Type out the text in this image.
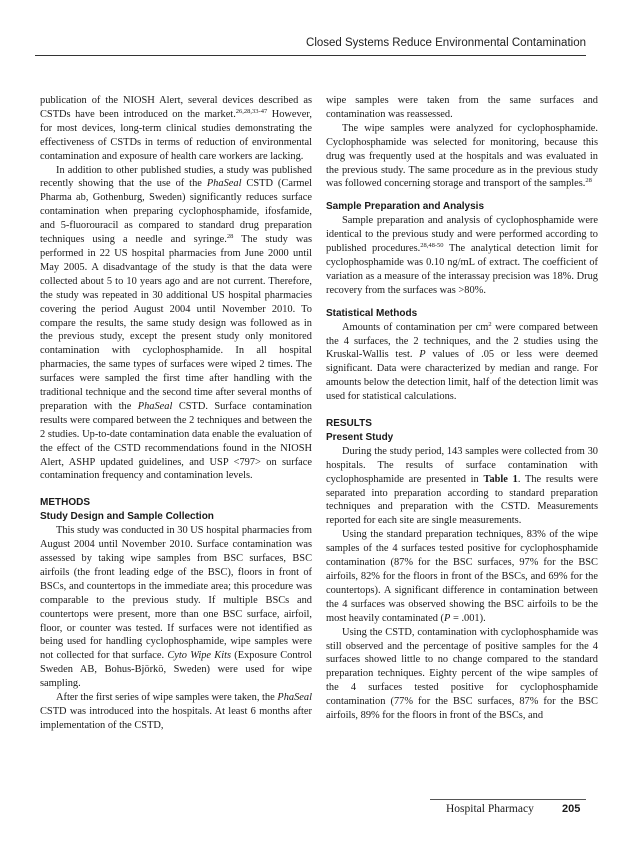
Closed Systems Reduce Environmental Contamination

publication of the NIOSH Alert, several devices described as CSTDs have been introduced on the market.$^{26,28,33-47}$ However, for most devices, long-term clinical studies demonstrating the effectiveness of CSTDs in terms of reduction of environmental contamination and exposure of health care workers are lacking.

In addition to other published studies, a study was published recently showing that the use of the PhaSeal CSTD (Carmel Pharma ab, Gothenburg, Sweden) significantly reduces surface contamination when preparing cyclophosphamide, ifosfamide, and 5-fluorouracil as compared to standard drug preparation techniques using a needle and syringe.$^{28}$ The study was performed in 22 US hospital pharmacies from June 2000 until May 2005. A disadvantage of the study is that the data were collected about 5 to 10 years ago and are not current. Therefore, the study was repeated in 30 additional US hospital pharmacies covering the period August 2004 until November 2010. To compare the results, the same study design was followed as in the previous study, except the present study only monitored contamination with cyclophosphamide. In all hospital pharmacies, the same types of surfaces were wiped 2 times. The surfaces were sampled the first time after handling with the traditional technique and the second time after several months of preparation with the PhaSeal CSTD. Surface contamination results were compared between the 2 techniques and between the 2 studies. Up-to-date contamination data enable the evaluation of the effect of the CSTD recommendations found in the NIOSH Alert, ASHP updated guidelines, and USP <797> on surface contamination frequency and contamination levels.

METHODS
Study Design and Sample Collection

This study was conducted in 30 US hospital pharmacies from August 2004 until November 2010. Surface contamination was assessed by taking wipe samples from BSC surfaces, BSC airfoils (the front leading edge of the BSC), floors in front of BSCs, and countertops in the immediate area; this procedure was comparable to the previous study. If multiple BSCs and countertops were present, more than one BSC surface, airfoil, floor, or counter was tested. If surfaces were not identified as being used for handling cyclophosphamide, wipe samples were not collected for that surface. Cyto Wipe Kits (Exposure Control Sweden AB, Bohus-Björkö, Sweden) were used for wipe sampling.

After the first series of wipe samples were taken, the PhaSeal CSTD was introduced into the hospitals. At least 6 months after implementation of the CSTD,

wipe samples were taken from the same surfaces and contamination was reassessed.

The wipe samples were analyzed for cyclophosphamide. Cyclophosphamide was selected for monitoring, because this drug was frequently used at the hospitals and was evaluated in the previous study. The same procedure as in the previous study was followed concerning storage and transport of the samples.$^{28}$

Sample Preparation and Analysis

Sample preparation and analysis of cyclophosphamide were identical to the previous study and were performed according to published procedures.$^{28,48-50}$ The analytical detection limit for cyclophosphamide was 0.10 ng/mL of extract. The coefficient of variation as a measure of the interassay precision was 18%. Drug recovery from the surfaces was >80%.

Statistical Methods

Amounts of contamination per $cm^2$ were compared between the 4 surfaces, the 2 techniques, and the 2 studies using the Kruskal-Wallis test. P values of .05 or less were deemed significant. Data were characterized by median and range. For amounts below the detection limit, half of the detection limit was used for statistical calculations.

RESULTS
Present Study

During the study period, 143 samples were collected from 30 hospitals. The results of surface contamination with cyclophosphamide are presented in Table 1. The results were separated into preparation according to standard preparation techniques and preparation with the CSTD. Measurements reported for each site are single measurements.

Using the standard preparation techniques, 83% of the wipe samples of the 4 surfaces tested positive for cyclophosphamide contamination (87% for the BSC surfaces, 97% for the BSC airfoils, 82% for the floors in front of the BSCs, and 69% for the countertops). A significant difference in contamination between the 4 surfaces was observed showing the BSC airfoils to be the most heavily contaminated (P = .001).

Using the CSTD, contamination with cyclophosphamide was still observed and the percentage of positive samples for the 4 surfaces showed little to no change compared to the standard preparation techniques. Eighty percent of the wipe samples of the 4 surfaces tested positive for cyclophosphamide contamination (77% for the BSC surfaces, 87% for the BSC airfoils, 89% for the floors in front of the BSCs, and

Hospital Pharmacy	205
